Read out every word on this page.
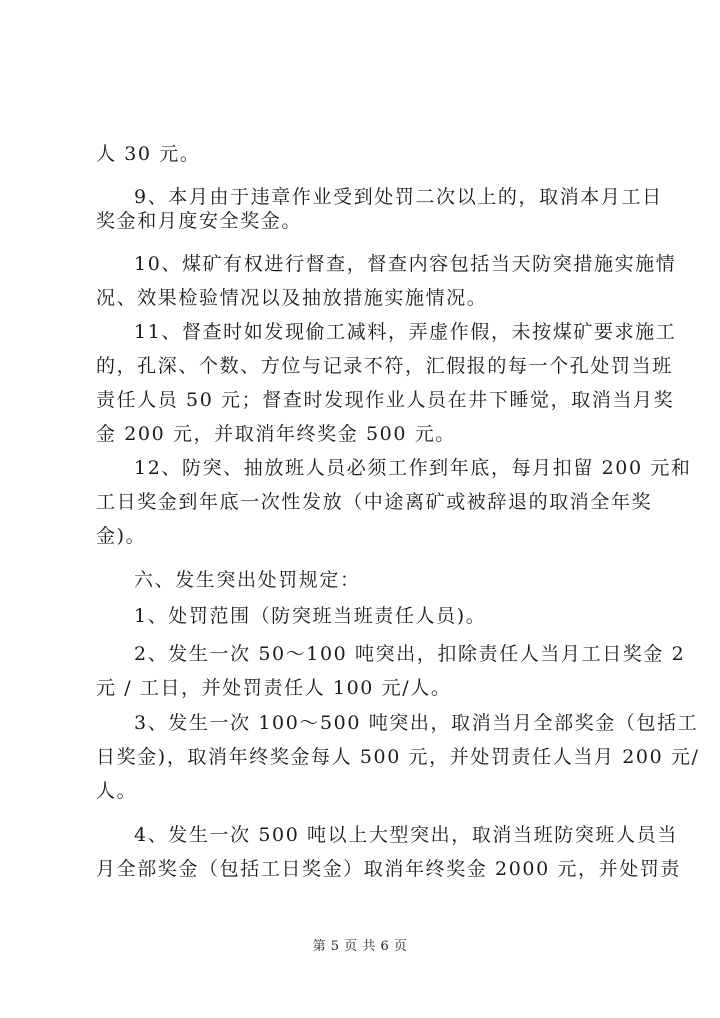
人 30 元。
9、本月由于违章作业受到处罚二次以上的，取消本月工日
奖金和月度安全奖金。
10、煤矿有权进行督查，督查内容包括当天防突措施实施情
况、效果检验情况以及抽放措施实施情况。
11、督查时如发现偷工减料，弄虚作假，未按煤矿要求施工
的，孔深、个数、方位与记录不符，汇假报的每一个孔处罚当班
责任人员 50 元；督查时发现作业人员在井下睡觉，取消当月奖
金 200 元，并取消年终奖金 500 元。
12、防突、抽放班人员必须工作到年底，每月扣留 200 元和
工日奖金到年底一次性发放（中途离矿或被辞退的取消全年奖
金)。
六、发生突出处罚规定：
1、处罚范围（防突班当班责任人员)。
2、发生一次 50～100 吨突出，扣除责任人当月工日奖金 2
元 / 工日，并处罚责任人 100 元/人。
3、发生一次 100～500 吨突出，取消当月全部奖金（包括工
日奖金)，取消年终奖金每人 500 元，并处罚责任人当月 200 元/
人。
4、发生一次 500 吨以上大型突出，取消当班防突班人员当
月全部奖金（包括工日奖金）取消年终奖金 2000 元，并处罚责
第 5 页 共 6 页
